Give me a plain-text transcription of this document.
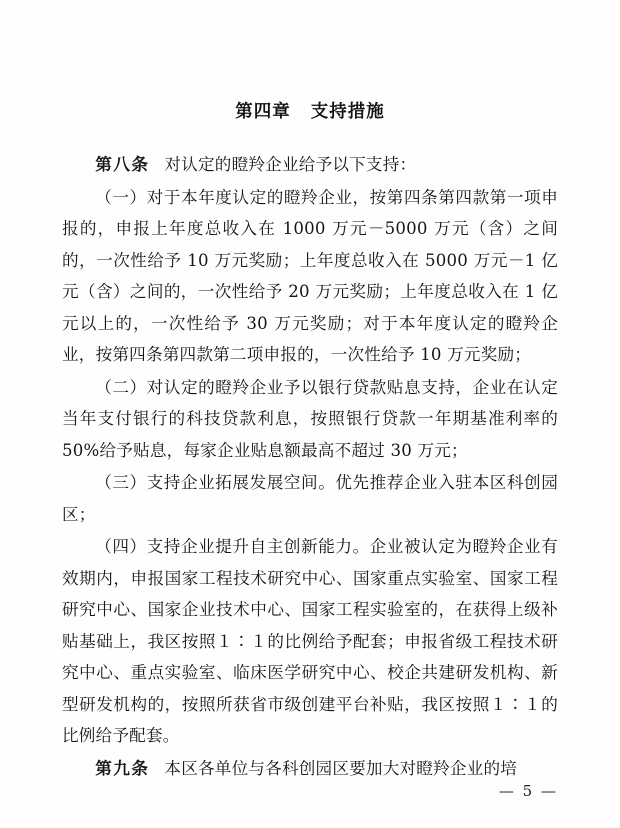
第四章 支持措施

第八条 对认定的瞪羚企业给予以下支持：

（一）对于本年度认定的瞪羚企业，按第四条第四款第一项申报的，申报上年度总收入在 1000 万元－5000 万元（含）之间的，一次性给予 10 万元奖励；上年度总收入在 5000 万元－1 亿元（含）之间的，一次性给予 20 万元奖励；上年度总收入在 1 亿元以上的，一次性给予 30 万元奖励；对于本年度认定的瞪羚企业，按第四条第四款第二项申报的，一次性给予 10 万元奖励；

（二）对认定的瞪羚企业予以银行贷款贴息支持，企业在认定当年支付银行的科技贷款利息，按照银行贷款一年期基准利率的 50%给予贴息，每家企业贴息额最高不超过 30 万元；

（三）支持企业拓展发展空间。优先推荐企业入驻本区科创园区；

（四）支持企业提升自主创新能力。企业被认定为瞪羚企业有效期内，申报国家工程技术研究中心、国家重点实验室、国家工程研究中心、国家企业技术中心、国家工程实验室的，在获得上级补贴基础上，我区按照１∶１的比例给予配套；申报省级工程技术研究中心、重点实验室、临床医学研究中心、校企共建研发机构、新型研发机构的，按照所获省市级创建平台补贴，我区按照１∶１的比例给予配套。

第九条 本区各单位与各科创园区要加大对瞪羚企业的培

— 5 —
